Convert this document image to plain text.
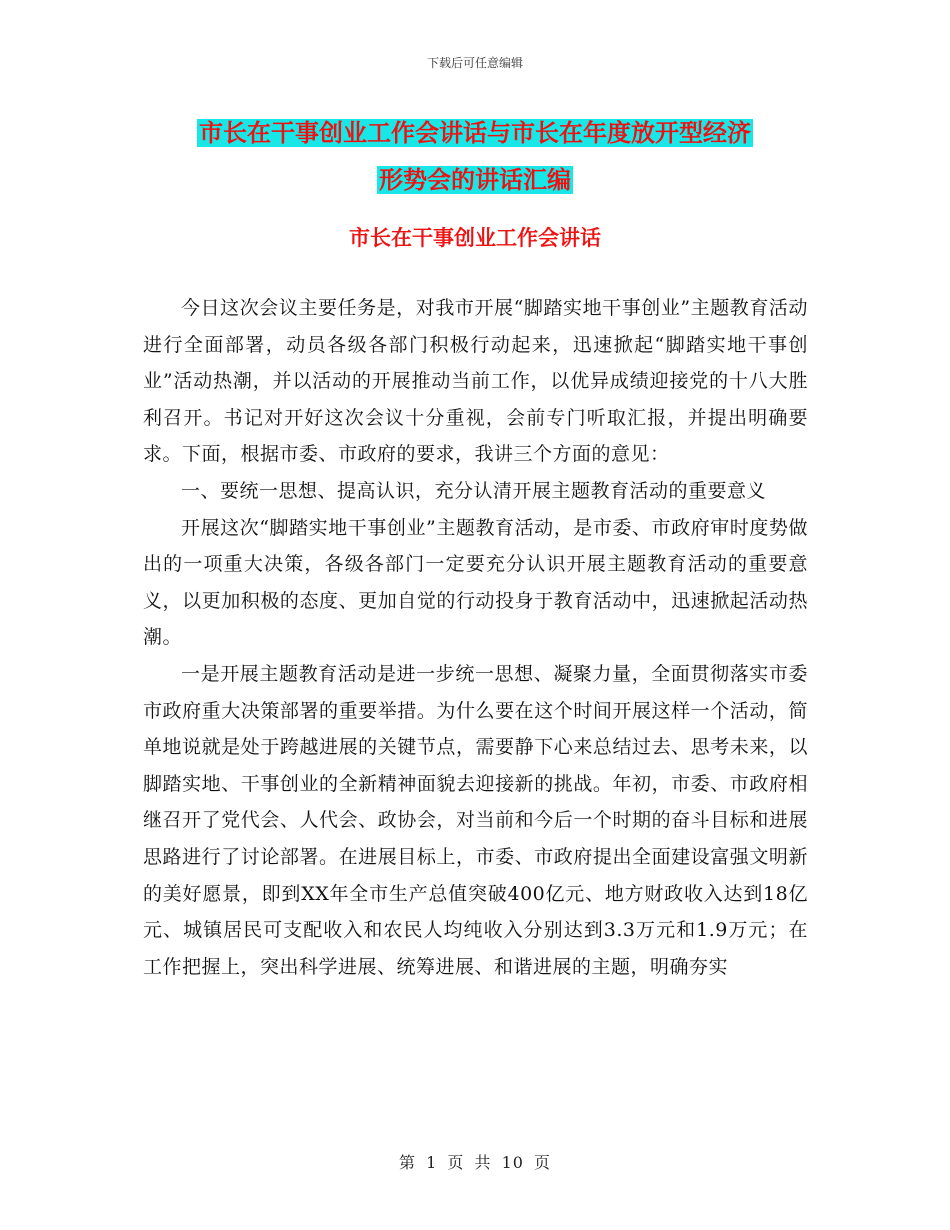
下载后可任意编辑
市长在干事创业工作会讲话与市长在年度放开型经济
形势会的讲话汇编
市长在干事创业工作会讲话

今日这次会议主要任务是，对我市开展“脚踏实地干事创业”主题教育活动进行全面部署，动员各级各部门积极行动起来，迅速掀起“脚踏实地干事创业”活动热潮，并以活动的开展推动当前工作，以优异成绩迎接党的十八大胜利召开。书记对开好这次会议十分重视，会前专门听取汇报，并提出明确要求。下面，根据市委、市政府的要求，我讲三个方面的意见：

一、要统一思想、提高认识，充分认清开展主题教育活动的重要意义

开展这次“脚踏实地干事创业”主题教育活动，是市委、市政府审时度势做出的一项重大决策，各级各部门一定要充分认识开展主题教育活动的重要意义，以更加积极的态度、更加自觉的行动投身于教育活动中，迅速掀起活动热潮。

一是开展主题教育活动是进一步统一思想、凝聚力量，全面贯彻落实市委市政府重大决策部署的重要举措。为什么要在这个时间开展这样一个活动，简单地说就是处于跨越进展的关键节点，需要静下心来总结过去、思考未来，以脚踏实地、干事创业的全新精神面貌去迎接新的挑战。年初，市委、市政府相继召开了党代会、人代会、政协会，对当前和今后一个时期的奋斗目标和进展思路进行了讨论部署。在进展目标上，市委、市政府提出全面建设富强文明新的美好愿景，即到XX年全市生产总值突破400亿元、地方财政收入达到18亿元、城镇居民可支配收入和农民人均纯收入分别达到3.3万元和1.9万元；在工作把握上，突出科学进展、统筹进展、和谐进展的主题，明确夯实

第 1 页 共 10 页
